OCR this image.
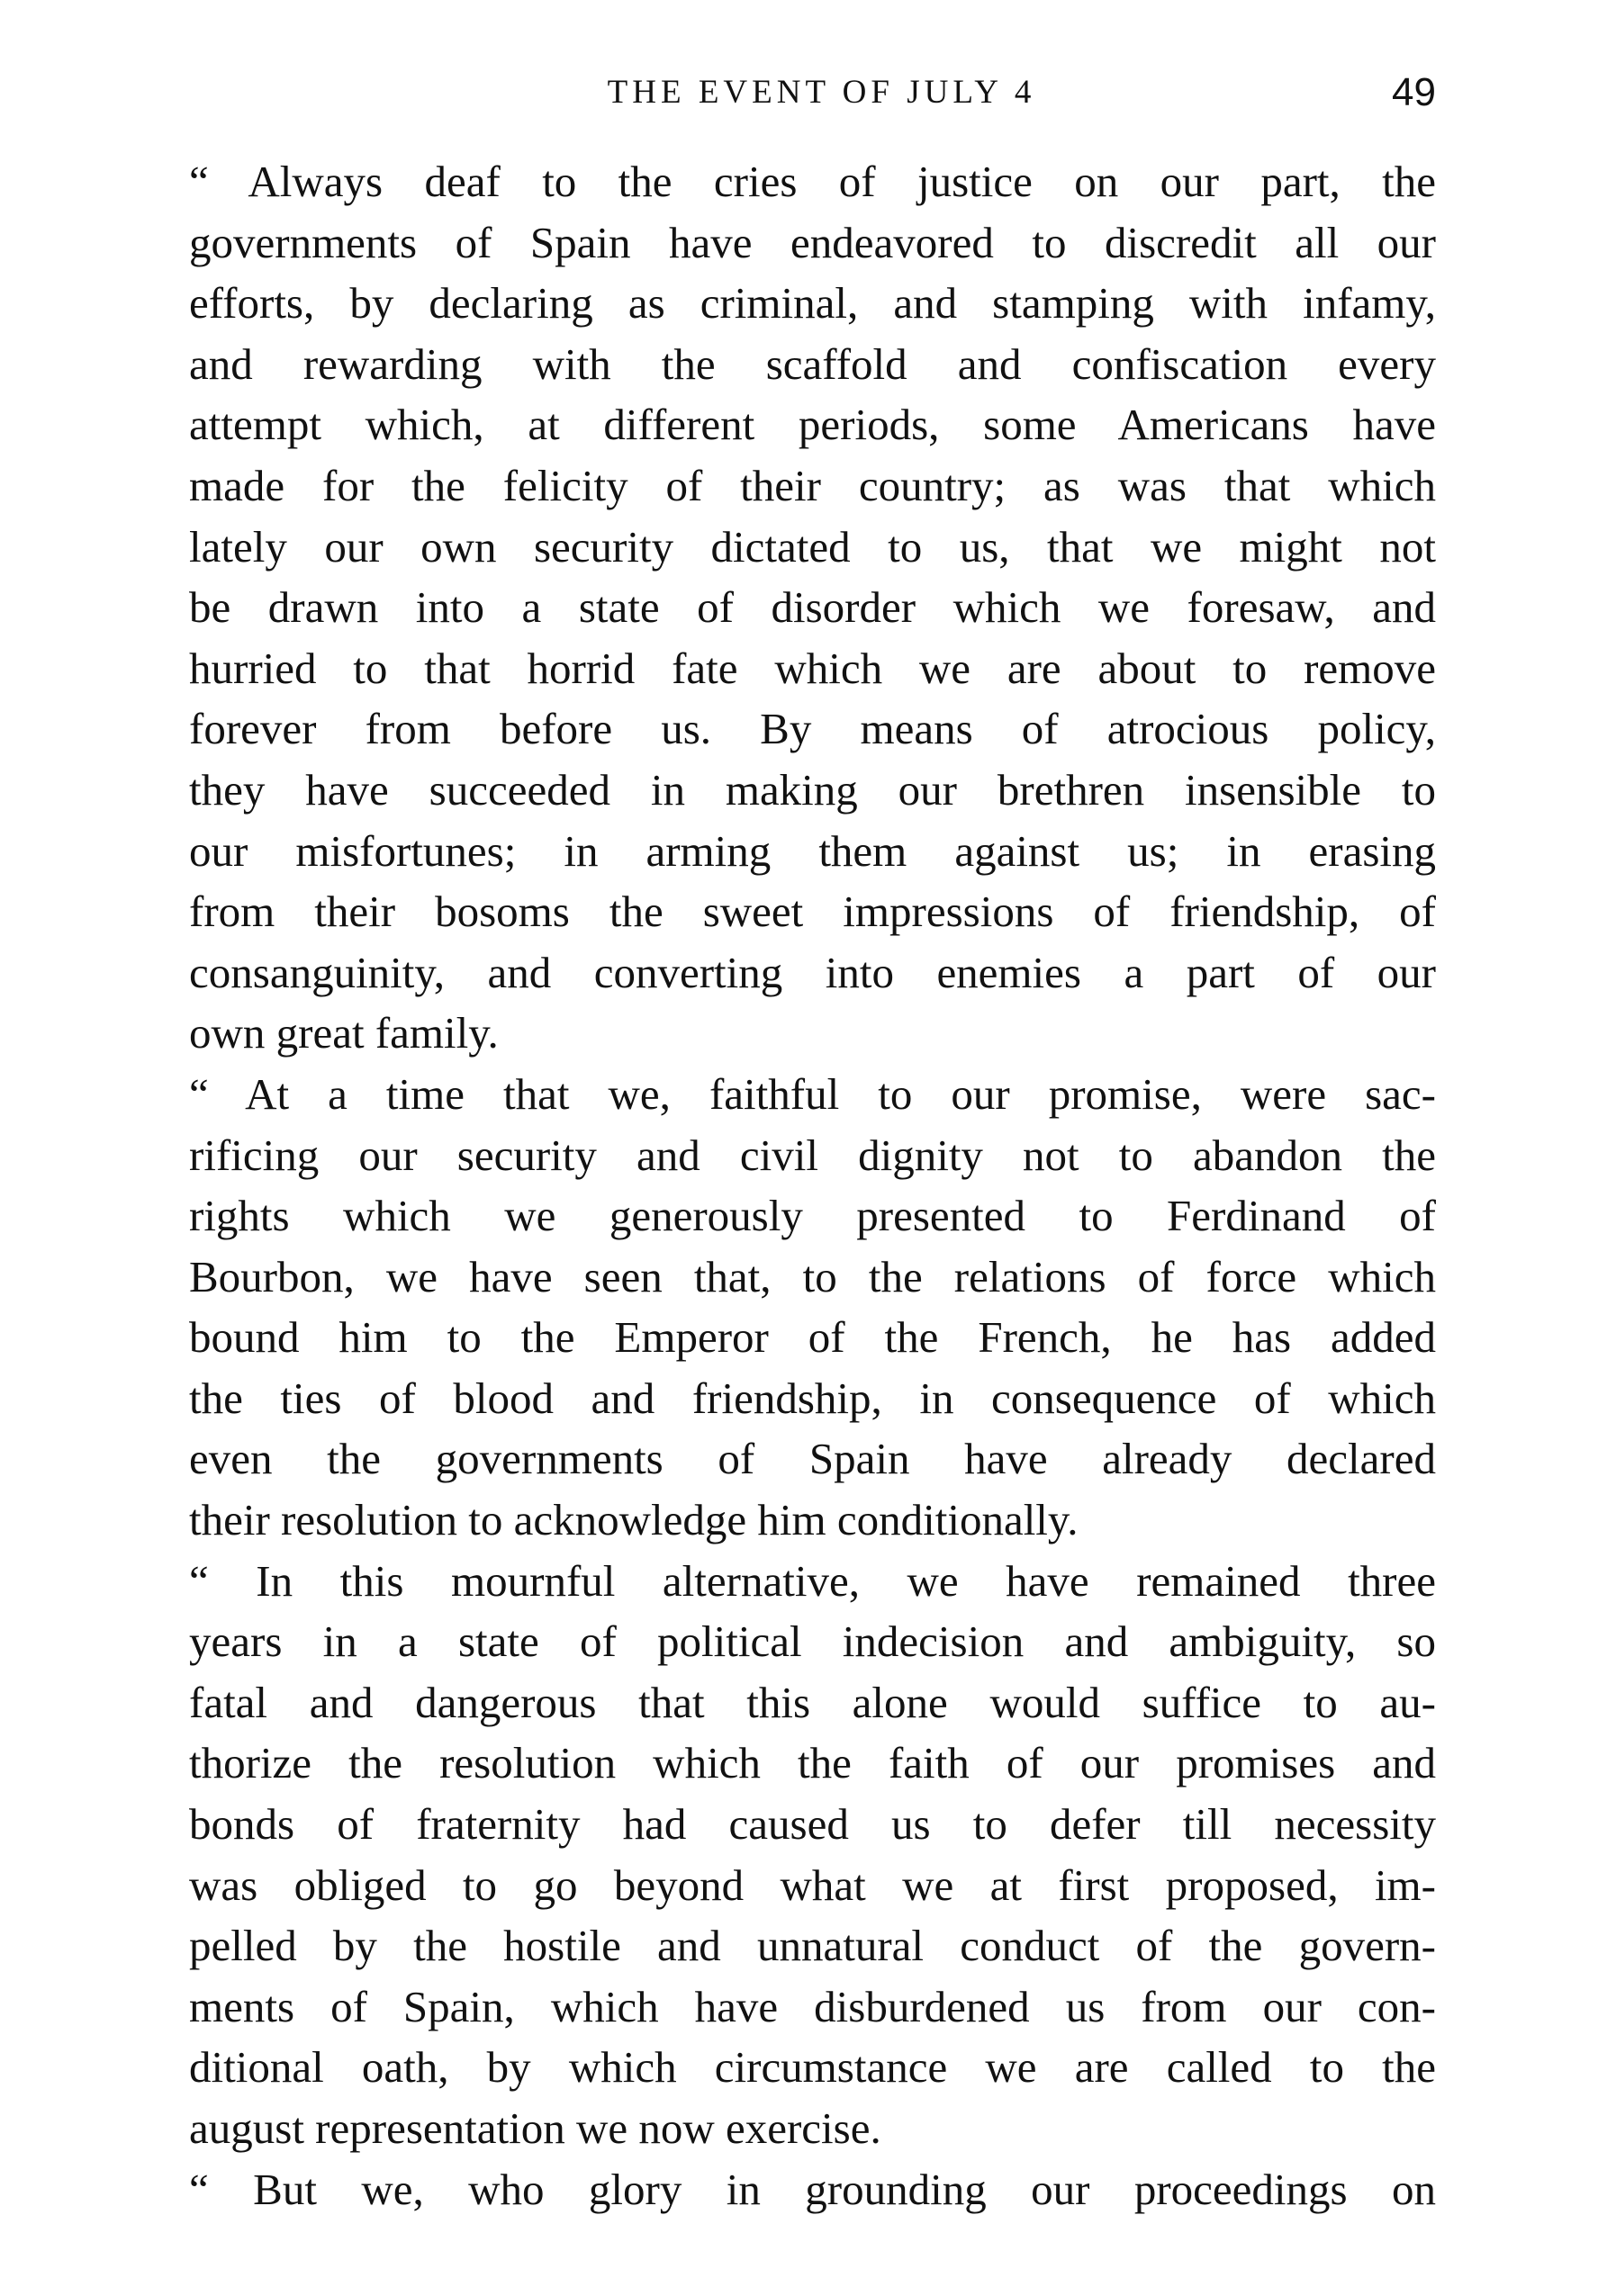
THE EVENT OF JULY 4	49
“ Always deaf to the cries of justice on our part, the
governments of Spain have endeavored to discredit all our
efforts, by declaring as criminal, and stamping with infamy,
and rewarding with the scaffold and confiscation every
attempt which, at different periods, some Americans have
made for the felicity of their country; as was that which
lately our own security dictated to us, that we might not
be drawn into a state of disorder which we foresaw, and
hurried to that horrid fate which we are about to remove
forever from before us. By means of atrocious policy,
they have succeeded in making our brethren insensible to
our misfortunes; in arming them against us; in erasing
from their bosoms the sweet impressions of friendship, of
consanguinity, and converting into enemies a part of our
own great family.
“ At a time that we, faithful to our promise, were sac-
rificing our security and civil dignity not to abandon the
rights which we generously presented to Ferdinand of
Bourbon, we have seen that, to the relations of force which
bound him to the Emperor of the French, he has added
the ties of blood and friendship, in consequence of which
even the governments of Spain have already declared
their resolution to acknowledge him conditionally.
“ In this mournful alternative, we have remained three
years in a state of political indecision and ambiguity, so
fatal and dangerous that this alone would suffice to au-
thorize the resolution which the faith of our promises and
bonds of fraternity had caused us to defer till necessity
was obliged to go beyond what we at first proposed, im-
pelled by the hostile and unnatural conduct of the govern-
ments of Spain, which have disburdened us from our con-
ditional oath, by which circumstance we are called to the
august representation we now exercise.
“ But we, who glory in grounding our proceedings on
